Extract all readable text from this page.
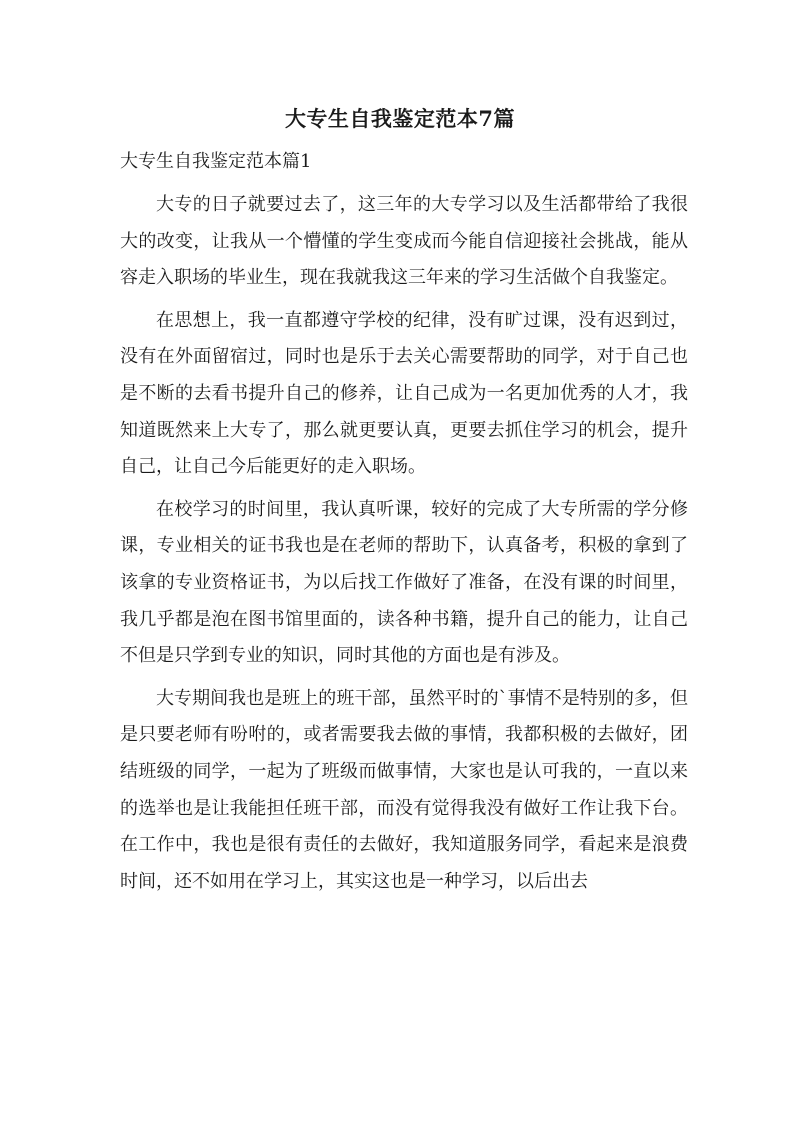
大专生自我鉴定范本7篇
大专生自我鉴定范本篇1

大专的日子就要过去了，这三年的大专学习以及生活都带给了我很大的改变，让我从一个懵懂的学生变成而今能自信迎接社会挑战，能从容走入职场的毕业生，现在我就我这三年来的学习生活做个自我鉴定。

在思想上，我一直都遵守学校的纪律，没有旷过课，没有迟到过，没有在外面留宿过，同时也是乐于去关心需要帮助的同学，对于自己也是不断的去看书提升自己的修养，让自己成为一名更加优秀的人才，我知道既然来上大专了，那么就更要认真，更要去抓住学习的机会，提升自己，让自己今后能更好的走入职场。

在校学习的时间里，我认真听课，较好的完成了大专所需的学分修课，专业相关的证书我也是在老师的帮助下，认真备考，积极的拿到了该拿的专业资格证书，为以后找工作做好了准备，在没有课的时间里，我几乎都是泡在图书馆里面的，读各种书籍，提升自己的能力，让自己不但是只学到专业的知识，同时其他的方面也是有涉及。

大专期间我也是班上的班干部，虽然平时的`事情不是特别的多，但是只要老师有吩咐的，或者需要我去做的事情，我都积极的去做好，团结班级的同学，一起为了班级而做事情，大家也是认可我的，一直以来的选举也是让我能担任班干部，而没有觉得我没有做好工作让我下台。在工作中，我也是很有责任的去做好，我知道服务同学，看起来是浪费时间，还不如用在学习上，其实这也是一种学习，以后出去
